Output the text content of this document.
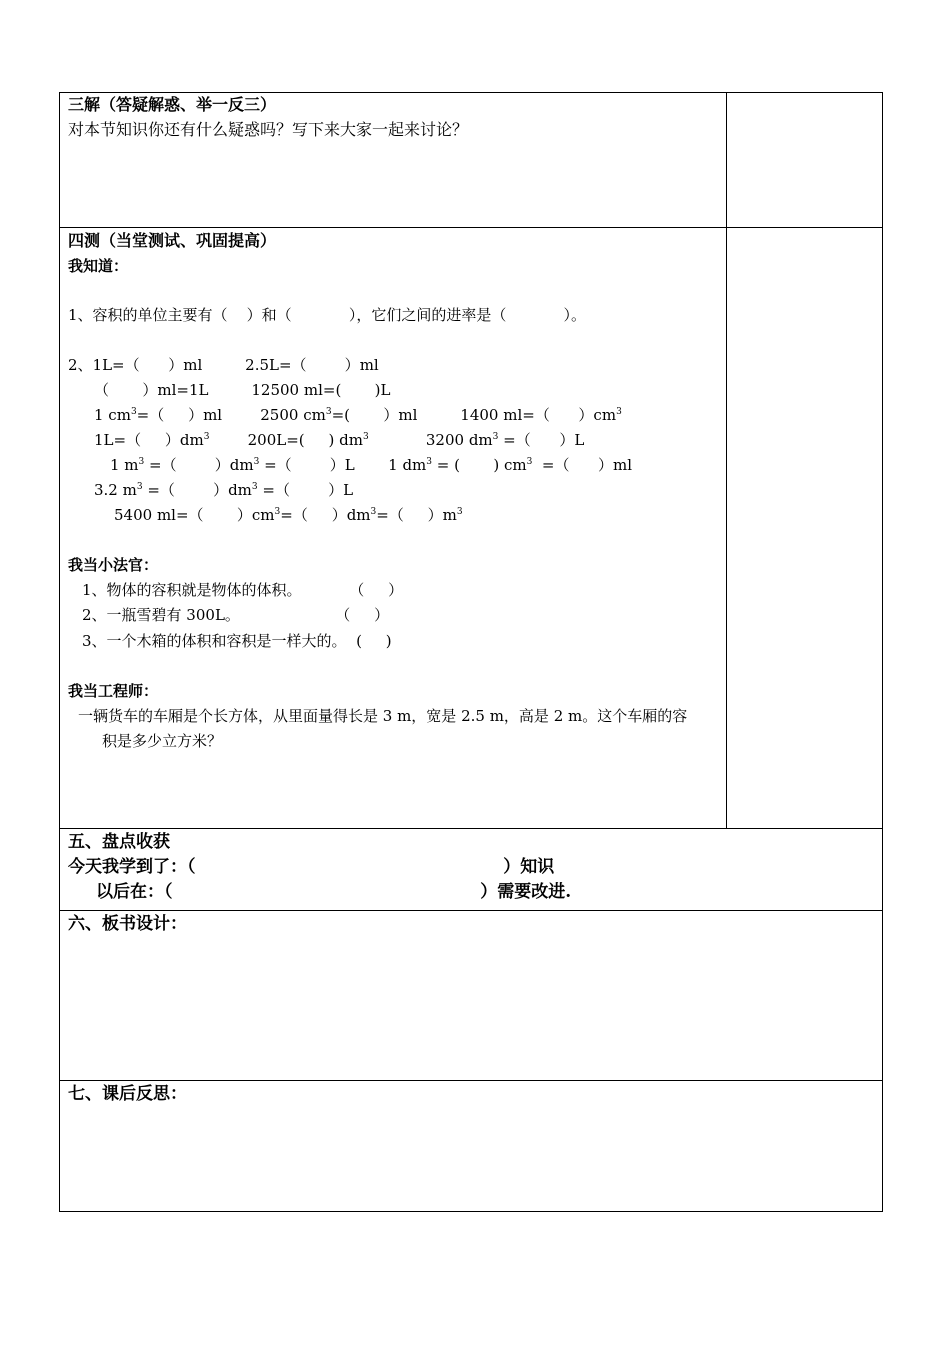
三解（答疑解惑、举一反三）
对本节知识你还有什么疑惑吗？写下来大家一起来讨论？
四测（当堂测试、巩固提高）
我知道：
1、容积的单位主要有（    ）和（            ），它们之间的进率是（            ）。
2、1L=（      ）ml         2.5L=（        ）ml
（       ）ml=1L         12500 ml=(       )L
1 $cm^3=$（     ）ml        2500 $cm^3=$(       ）ml         1400 ml=（      ）$cm^3$
1L=（     ）$dm^3$        200L=(     ) $dm^3$            3200 $dm^3$ =（      ）L
1 $m^3$ =（        ）$dm^3$ =（        ）L       1 $dm^3$ = (       ) $cm^3$  =（      ）ml
3.2 $m^3$ =（        ）$dm^3$ =（        ）L
5400 ml=（       ）$cm^3=$（     ）$dm^3=$（     ）$m^3$
我当小法官：
1、物体的容积就是物体的体积。          （     ）
2、一瓶雪碧有 300L。                    （     ）
3、一个木箱的体积和容积是一样大的。  (     )
我当工程师：
一辆货车的车厢是个长方体，从里面量得长是 3 m，宽是 2.5 m，高是 2 m。这个车厢的容
积是多少立方米？
五、盘点收获
今天我学到了：（                                                    ）知识
以后在：（                                                    ）需要改进.
六、板书设计：
七、课后反思：
